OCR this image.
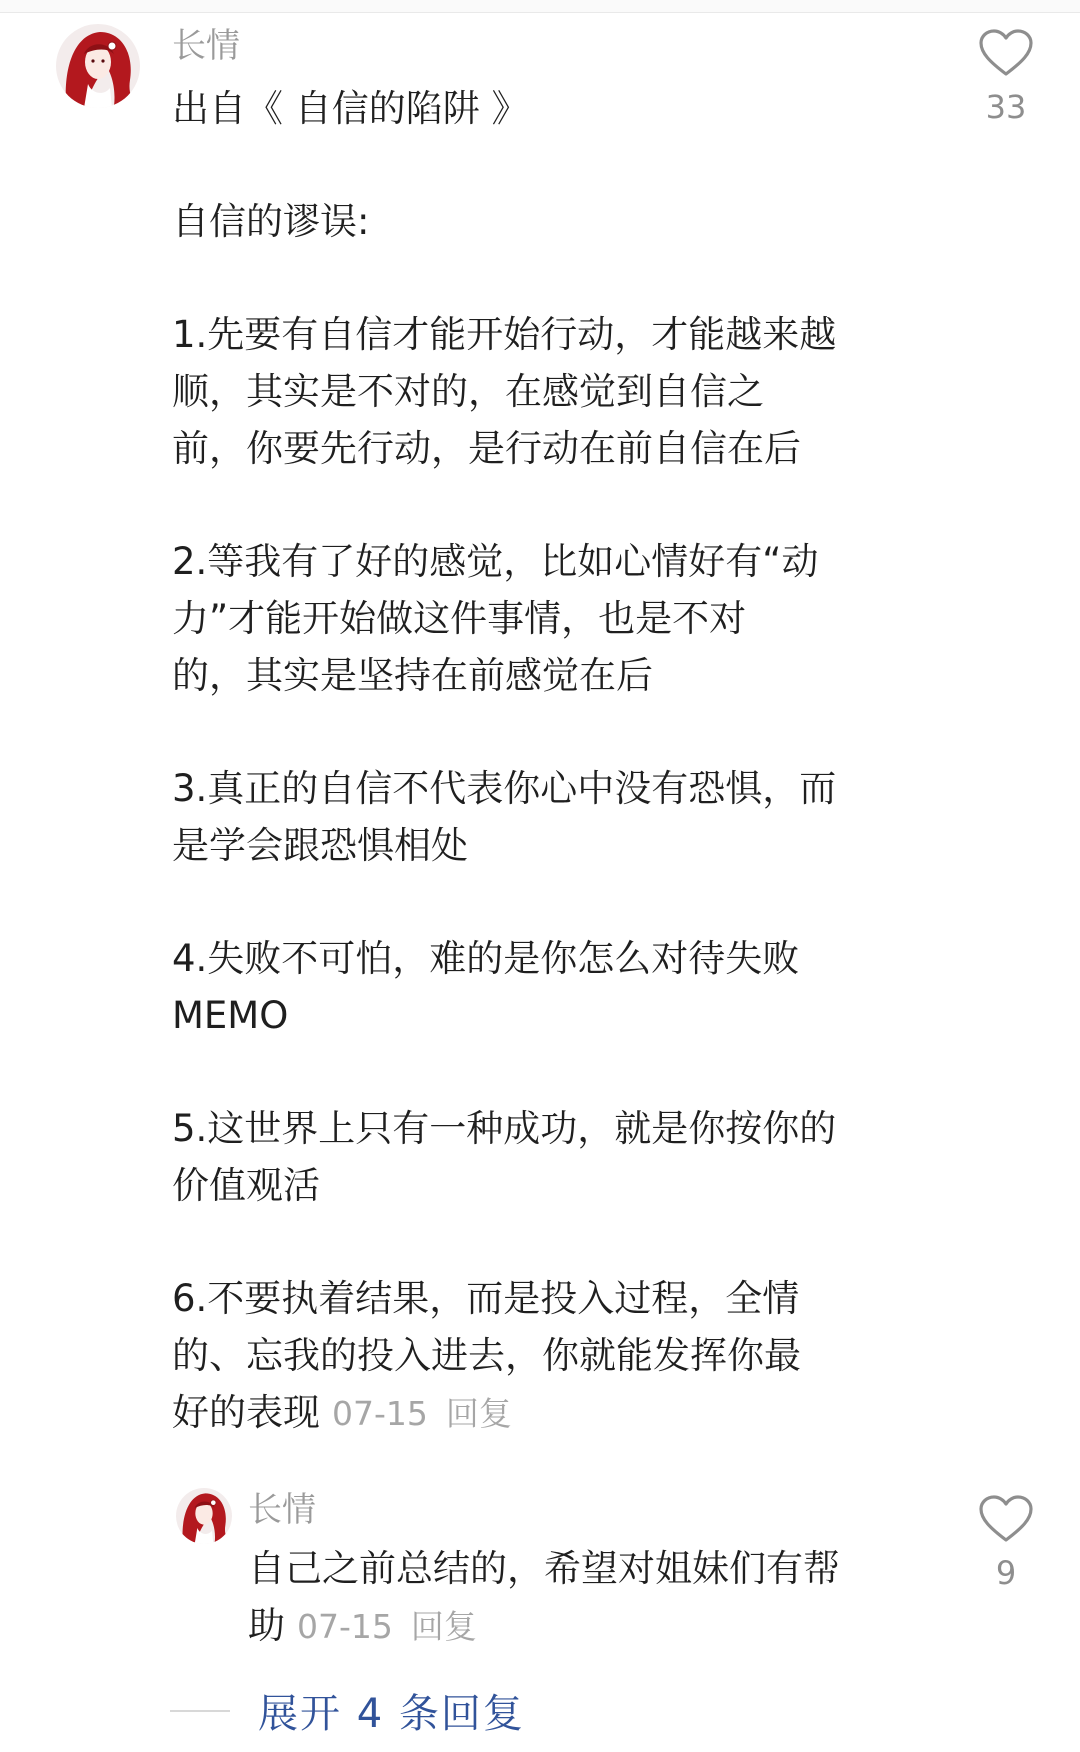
长情
出自《 自信的陷阱 》
自信的谬误:
1.先要有自信才能开始行动，才能越来越
顺，其实是不对的，在感觉到自信之
前，你要先行动，是行动在前自信在后
2.等我有了好的感觉，比如心情好有“动
力”才能开始做这件事情，也是不对
的，其实是坚持在前感觉在后
3.真正的自信不代表你心中没有恐惧，而
是学会跟恐惧相处
4.失败不可怕，难的是你怎么对待失败
MEMO
5.这世界上只有一种成功，就是你按你的
价值观活
6.不要执着结果，而是投入过程，全情
的、忘我的投入进去，你就能发挥你最
好的表现 07-15 回复
33
长情
自己之前总结的，希望对姐妹们有帮
助 07-15 回复
9
展开 4 条回复
